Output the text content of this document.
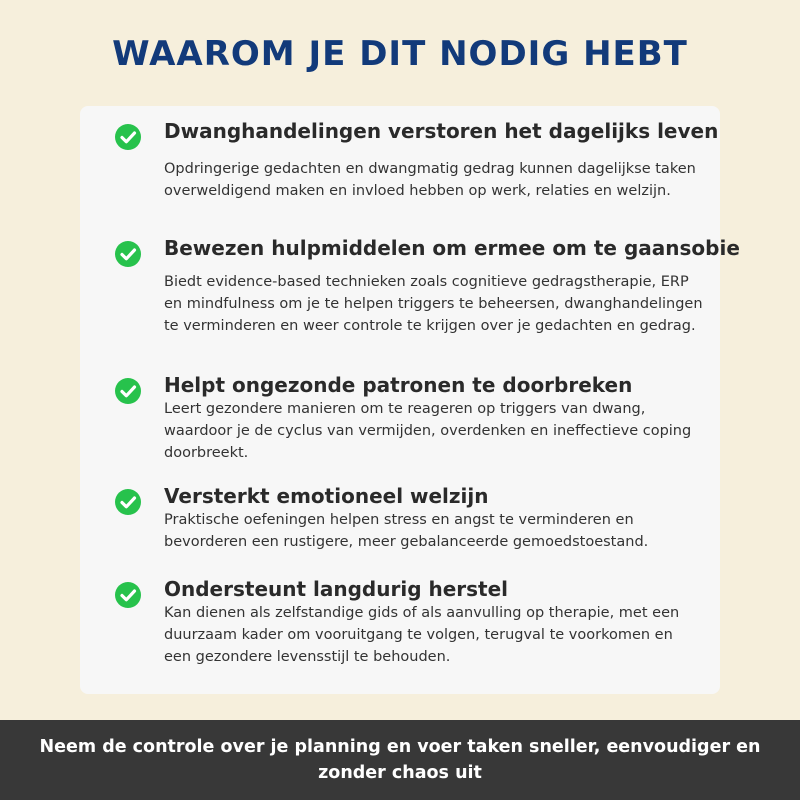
WAAROM JE DIT NODIG HEBT
Dwanghandelingen verstoren het dagelijks leven
Opdringerige gedachten en dwangmatig gedrag kunnen dagelijkse taken overweldigend maken en invloed hebben op werk, relaties en welzijn.
Bewezen hulpmiddelen om ermee om te gaansobie
Biedt evidence-based technieken zoals cognitieve gedragstherapie, ERP en mindfulness om je te helpen triggers te beheersen, dwanghandelingen te verminderen en weer controle te krijgen over je gedachten en gedrag.
Helpt ongezonde patronen te doorbreken
Leert gezondere manieren om te reageren op triggers van dwang, waardoor je de cyclus van vermijden, overdenken en ineffectieve coping doorbreekt.
Versterkt emotioneel welzijn
Praktische oefeningen helpen stress en angst te verminderen en bevorderen een rustigere, meer gebalanceerde gemoedstoestand.
Ondersteunt langdurig herstel
Kan dienen als zelfstandige gids of als aanvulling op therapie, met een duurzaam kader om vooruitgang te volgen, terugval te voorkomen en een gezondere levensstijl te behouden.
Neem de controle over je planning en voer taken sneller, eenvoudiger en zonder chaos uit
